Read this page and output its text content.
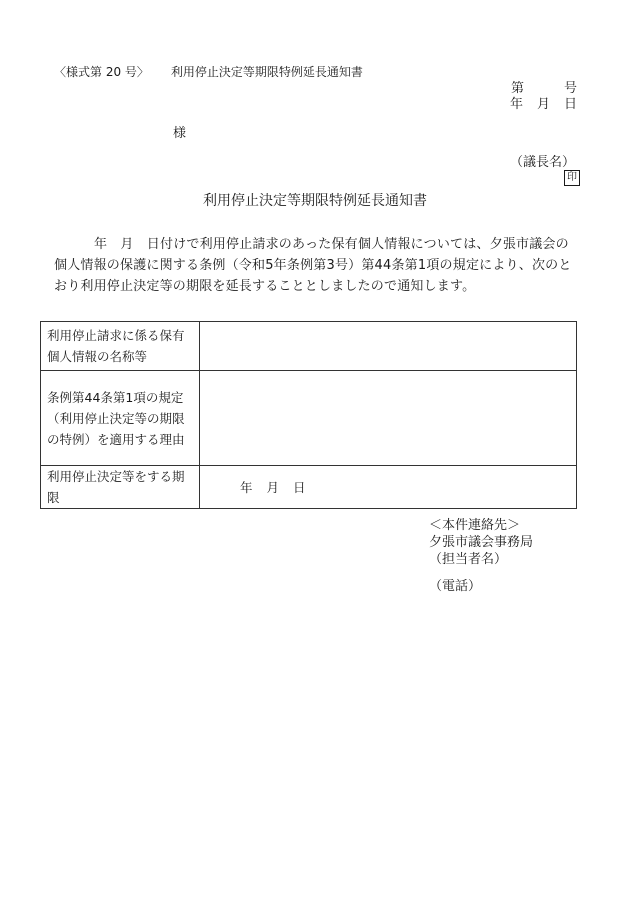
〈様式第 20 号〉 利用停止決定等期限特例延長通知書
第	号
年 月 日
様
（議長名）
印
利用停止決定等期限特例延長通知書
年　月　日付けで利用停止請求のあった保有個人情報については、夕張市議会の個人情報の保護に関する条例（令和5年条例第3号）第44条第1項の規定により、次のとおり利用停止決定等の期限を延長することとしましたので通知します。
利用停止請求に係る保有個人情報の名称等	
条例第44条第1項の規定（利用停止決定等の期限の特例）を適用する理由	
利用停止決定等をする期限	年 月 日
＜本件連絡先＞
夕張市議会事務局
（担当者名）
（電話）
